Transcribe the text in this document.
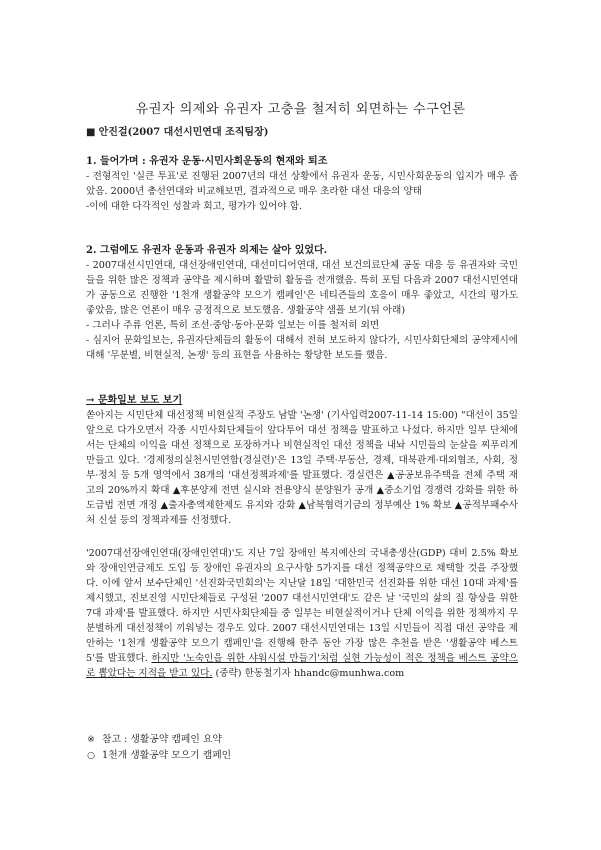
유권자 의제와 유권자 고충을 철저히 외면하는 수구언론
■ 안진걸(2007 대선시민연대 조직팀장)

1. 들어가며 : 유권자 운동·시민사회운동의 현재와 퇴조

- 전형적인 '실큰 투표'로 진행된 2007년의 대선 상황에서 유권자 운동, 시민사회운동의 입지가 매우 좁았음. 2000년 총선연대와 비교해보면, 결과적으로 매우 초라한 대선 대응의 양태

-이에 대한 다각적인 성찰과 회고, 평가가 있어야 함.

2. 그럼에도 유권자 운동과 유권자 의제는 살아 있었다.

- 2007대선시민연대, 대선장애인연대, 대선미디어연대, 대선 보건의료단체 공동 대응 등 유권자와 국민들을 위한 많은 정책과 공약을 제시하며 활발히 활동을 전개했음. 특히 포털 다음과 2007 대선시민연대가 공동으로 진행한 '1천개 생활공약 모으기 캠페인'은 네티즌들의 호응이 매우 좋았고, 시간의 평가도 좋았음, 많은 언론이 매우 긍정적으로 보도했음. 생활공약 샘플 보기(뒤 아래)

- 그러나 주류 언론, 특히 조선·중앙·동아·문화 일보는 이를 철저히 외면

- 심지어 문화일보는, 유권자단체들의 활동이 대해서 전혀 보도하지 않다가, 시민사회단체의 공약제시에 대해 '무분별, 비현실적, 논쟁' 등의 표현을 사용하는 황당한 보도를 했음.

→ 문화일보 보도 보기

쏟아지는 시민단체 대선정책 비현실적 주장도 남발 '논쟁' (기사입력2007-11-14 15:00) "대선이 35일 앞으로 다가오면서 각종 시민사회단체들이 앞다투어 대선 정책을 발표하고 나섰다. 하지만 일부 단체에서는 단체의 이익을 대선 정책으로 포장하거나 비현실적인 대선 정책을 내놔 시민들의 눈살을 찌푸리게 만들고 있다. '경제정의실천시민연합(경실련)'은 13일 주택·부동산, 경제, 대북관계·대외협조, 사회, 정부·정치 등 5개 영역에서 38개의 '대선정책과제'를 발표했다. 경실련은 ▲공공보유주택을 전체 주택 재고의 20%까지 확대 ▲후분양제 전면 실시와 전용양식 분양원가 공개 ▲중소기업 경쟁력 강화를 위한 하도급법 전면 개정 ▲출자총액제한제도 유지와 강화 ▲남북협력기금의 정부예산 1% 확보 ▲공적부패수사처 신설 등의 정책과제를 선정했다.

'2007대선장애인연대(장애인연대)'도 지난 7일 장애인 복지예산의 국내총생산(GDP) 대비 2.5% 확보와 장애인연금제도 도입 등 장애인 유권자의 요구사항 5가지를 대선 정책공약으로 채택할 것을 주장했다. 이에 앞서 보수단체인 '선진화국민회의'는 지난달 18일 '대한민국 선진화를 위한 대선 10대 과제'를 제시했고, 진보진영 시민단체들로 구성된 '2007 대선시민연대'도 같은 날 '국민의 삶의 질 향상을 위한 7대 과제'를 발표했다. 하지만 시민사회단체들 중 일부는 비현실적이거나 단체 이익을 위한 정책까지 무분별하게 대선정책이 끼워넣는 경우도 있다. 2007 대선시민연대는 13일 시민들이 직접 대선 공약을 제안하는 '1천개 생활공약 모으기 캠페인'을 진행해 한주 동안 가장 많은 추천을 받은 '생활공약 베스트5'를 발표했다. 하지만 '노숙인을 위한 샤워시설 만들기'처럼 실현 가능성이 적은 정책을 베스트 공약으로 뽑았다는 지적을 받고 있다. (중략) 한동철기자 hhandc@munhwa.com

※ 참고 : 생활공약 캠페인 요약
○ 1천개 생활공약 모으기 캠페인
